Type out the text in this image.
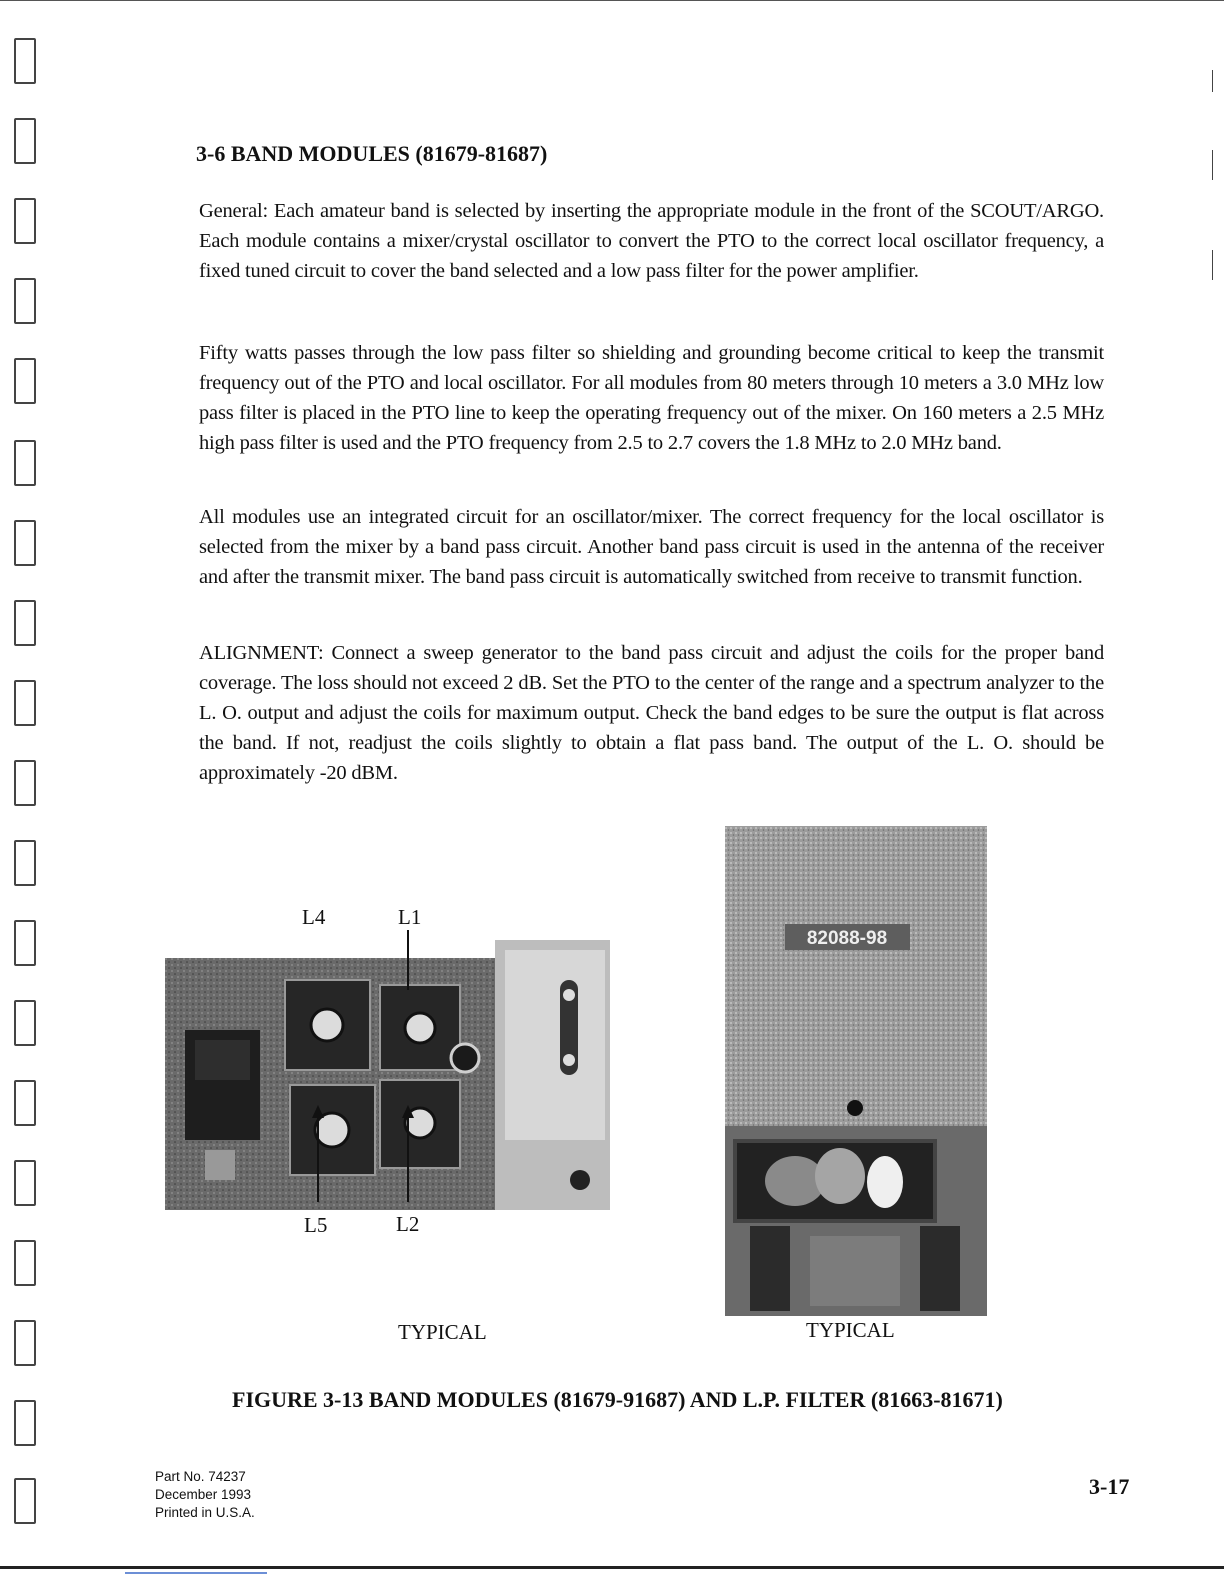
3-6 BAND MODULES (81679-81687)

General: Each amateur band is selected by inserting the appropriate module in the front of the SCOUT/ARGO. Each module contains a mixer/crystal oscillator to convert the PTO to the correct local oscillator frequency, a fixed tuned circuit to cover the band selected and a low pass filter for the power amplifier.

Fifty watts passes through the low pass filter so shielding and grounding become critical to keep the transmit frequency out of the PTO and local oscillator. For all modules from 80 meters through 10 meters a 3.0 MHz low pass filter is placed in the PTO line to keep the operating frequency out of the mixer. On 160 meters a 2.5 MHz high pass filter is used and the PTO frequency from 2.5 to 2.7 covers the 1.8 MHz to 2.0 MHz band.

All modules use an integrated circuit for an oscillator/mixer. The correct frequency for the local oscillator is selected from the mixer by a band pass circuit. Another band pass circuit is used in the antenna of the receiver and after the transmit mixer. The band pass circuit is automatically switched from receive to transmit function.

ALIGNMENT: Connect a sweep generator to the band pass circuit and adjust the coils for the proper band coverage. The loss should not exceed 2 dB. Set the PTO to the center of the range and a spectrum analyzer to the L. O. output and adjust the coils for maximum output. Check the band edges to be sure the output is flat across the band. If not, readjust the coils slightly to obtain a flat pass band. The output of the L. O. should be approximately -20 dBM.

L4	L1
L5	L2
82088-98
TYPICAL	TYPICAL
FIGURE 3-13 BAND MODULES (81679-91687) AND L.P. FILTER (81663-81671)
Part No. 74237
December 1993
Printed in U.S.A.
3-17
